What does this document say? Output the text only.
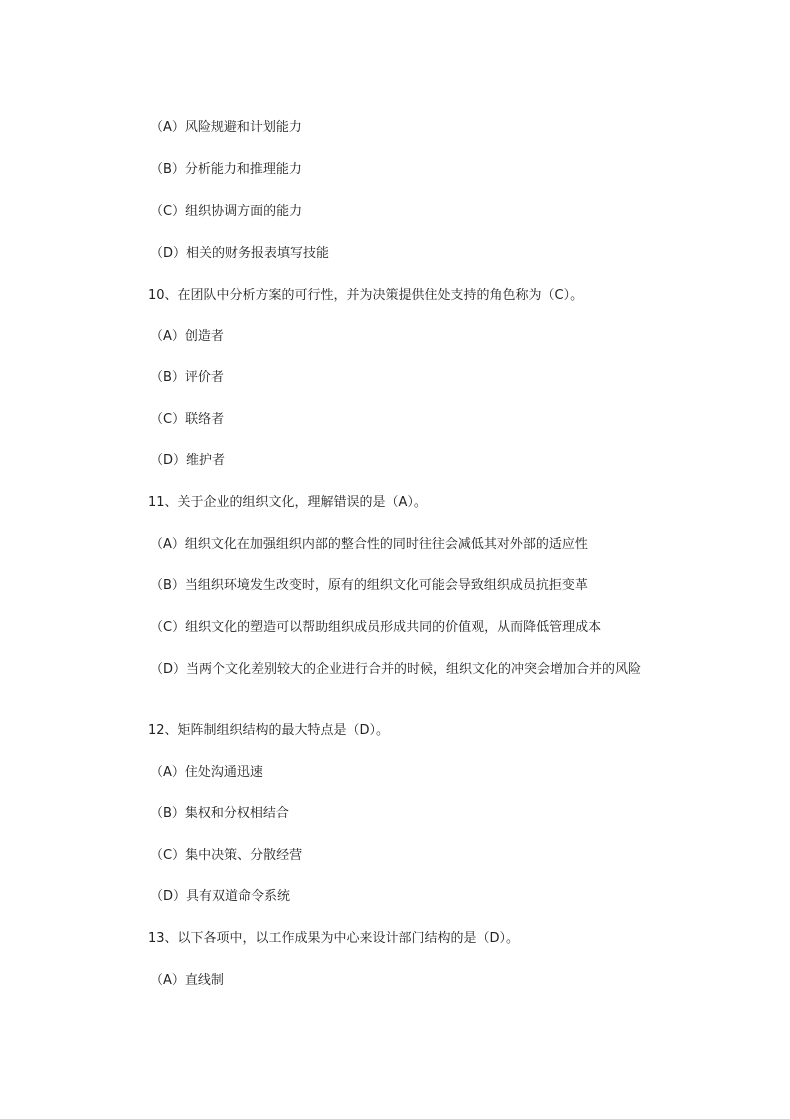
（A）风险规避和计划能力
（B）分析能力和推理能力
（C）组织协调方面的能力
（D）相关的财务报表填写技能
10、在团队中分析方案的可行性，并为决策提供住处支持的角色称为（C）。
（A）创造者
（B）评价者
（C）联络者
（D）维护者
11、关于企业的组织文化，理解错误的是（A）。
（A）组织文化在加强组织内部的整合性的同时往往会减低其对外部的适应性
（B）当组织环境发生改变时，原有的组织文化可能会导致组织成员抗拒变革
（C）组织文化的塑造可以帮助组织成员形成共同的价值观，从而降低管理成本
（D）当两个文化差别较大的企业进行合并的时候，组织文化的冲突会增加合并的风险
12、矩阵制组织结构的最大特点是（D）。
（A）住处沟通迅速
（B）集权和分权相结合
（C）集中决策、分散经营
（D）具有双道命令系统
13、以下各项中，以工作成果为中心来设计部门结构的是（D）。
（A）直线制
